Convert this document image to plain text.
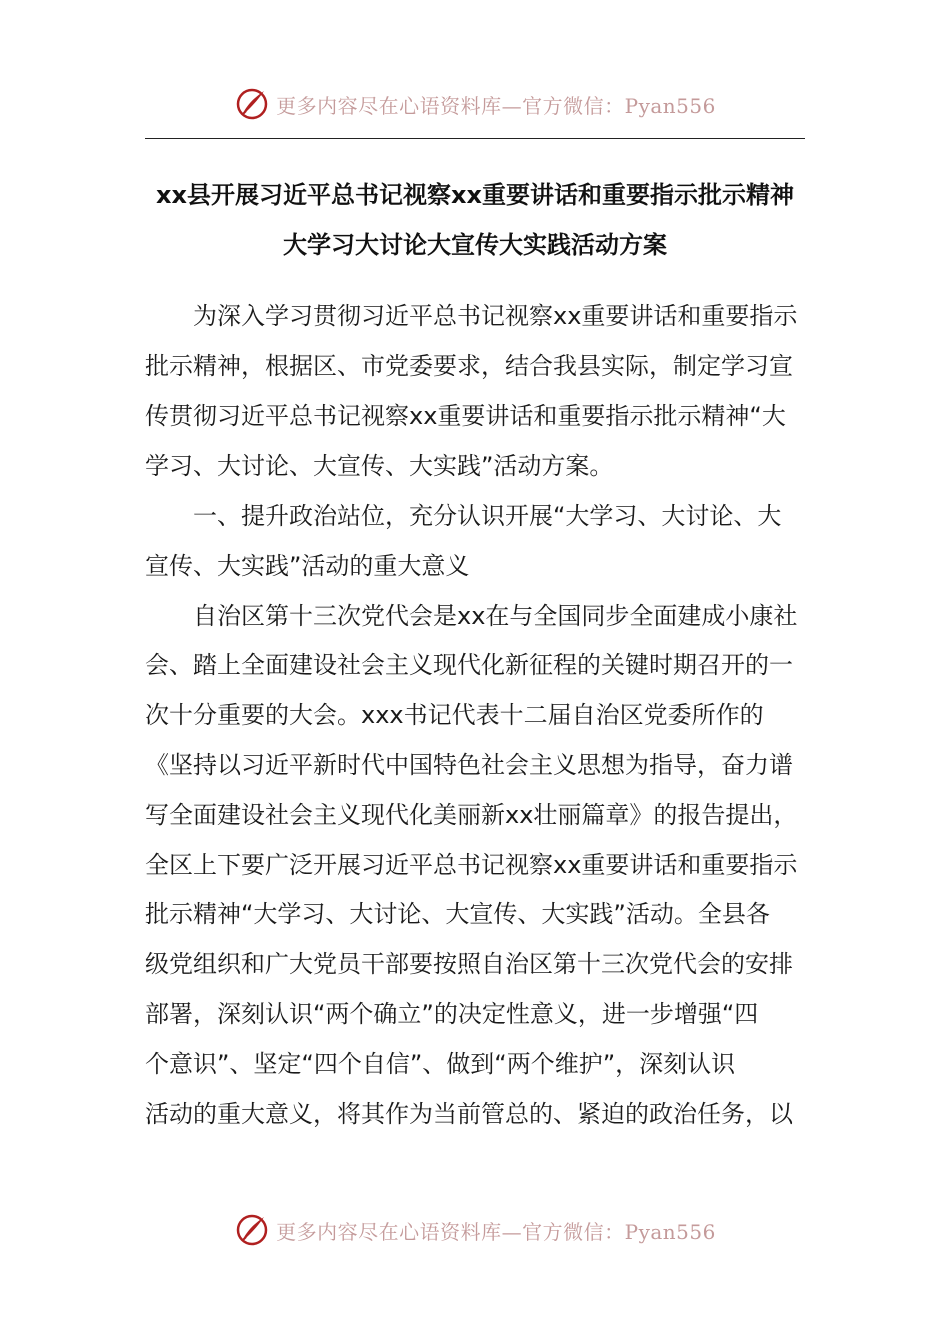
更多内容尽在心语资料库—官方微信：Pyan556
xx县开展习近平总书记视察xx重要讲话和重要指示批示精神
大学习大讨论大宣传大实践活动方案
　　为深入学习贯彻习近平总书记视察xx重要讲话和重要指示
批示精神，根据区、市党委要求，结合我县实际，制定学习宣
传贯彻习近平总书记视察xx重要讲话和重要指示批示精神“大
学习、大讨论、大宣传、大实践”活动方案。
　　一、提升政治站位，充分认识开展“大学习、大讨论、大
宣传、大实践”活动的重大意义
　　自治区第十三次党代会是xx在与全国同步全面建成小康社
会、踏上全面建设社会主义现代化新征程的关键时期召开的一
次十分重要的大会。xxx书记代表十二届自治区党委所作的
《坚持以习近平新时代中国特色社会主义思想为指导，奋力谱
写全面建设社会主义现代化美丽新xx壮丽篇章》的报告提出，
全区上下要广泛开展习近平总书记视察xx重要讲话和重要指示
批示精神“大学习、大讨论、大宣传、大实践”活动。全县各
级党组织和广大党员干部要按照自治区第十三次党代会的安排
部署，深刻认识“两个确立”的决定性意义，进一步增强“四
个意识”、坚定“四个自信”、做到“两个维护”，深刻认识
活动的重大意义，将其作为当前管总的、紧迫的政治任务，以
更多内容尽在心语资料库—官方微信：Pyan556
